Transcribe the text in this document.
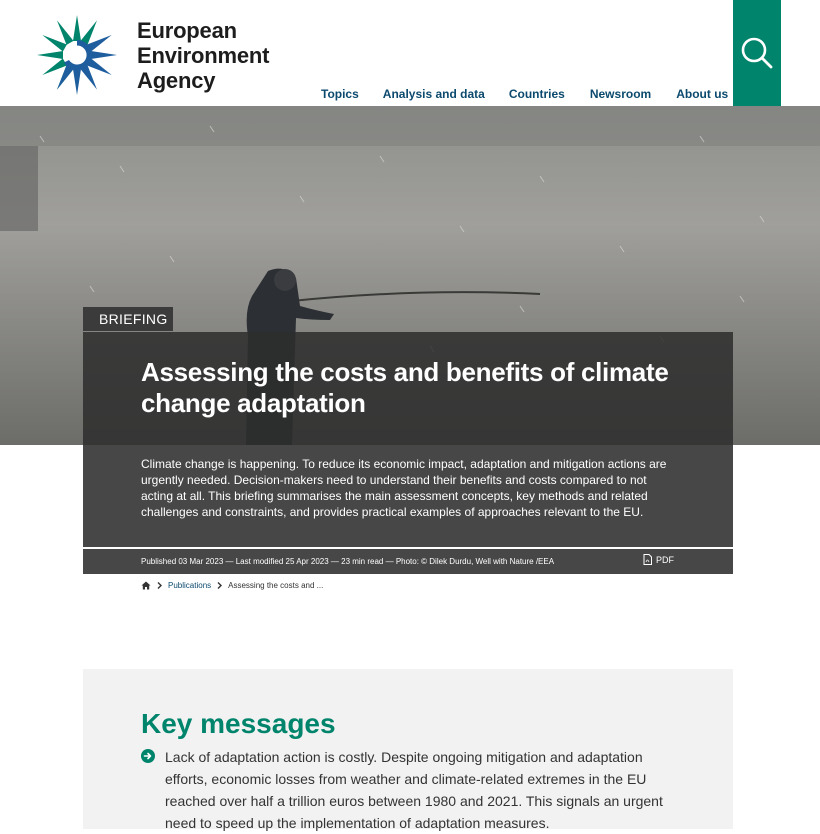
European
Environment
Agency
Topics	Analysis and data	Countries	Newsroom	About us
BRIEFING
Assessing the costs and benefits of climate change adaptation

Climate change is happening. To reduce its economic impact, adaptation and mitigation actions are urgently needed. Decision-makers need to understand their benefits and costs compared to not acting at all. This briefing summarises the main assessment concepts, key methods and related challenges and constraints, and provides practical examples of approaches relevant to the EU.

Published 03 Mar 2023 — Last modified 25 Apr 2023 — 23 min read — Photo: © Dilek Durdu, Well with Nature /EEA	PDF
Publications Assessing the costs and ...
Key messages

Lack of adaptation action is costly. Despite ongoing mitigation and adaptation efforts, economic losses from weather and climate-related extremes in the EU reached over half a trillion euros between 1980 and 2021. This signals an urgent need to speed up the implementation of adaptation measures.
